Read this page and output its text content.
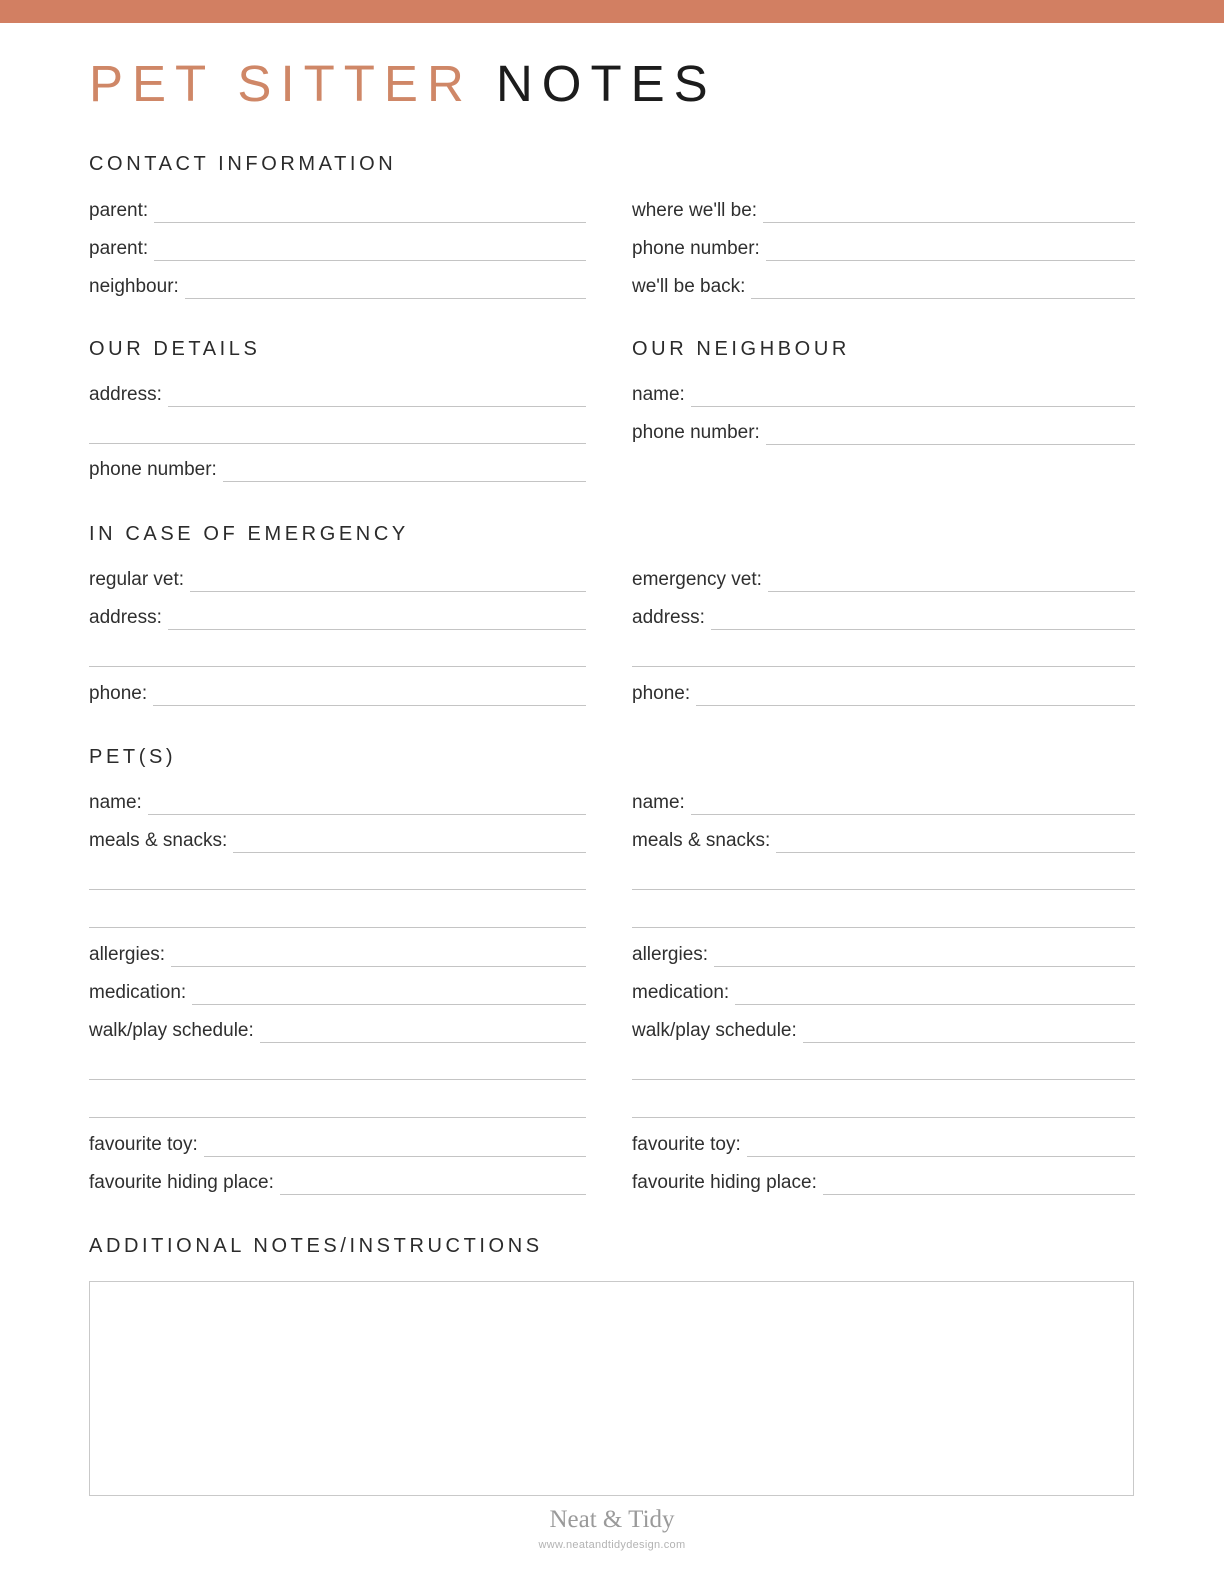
PET SITTER NOTES
CONTACT INFORMATION
parent:
parent:
neighbour:
where we'll be:
phone number:
we'll be back:
OUR DETAILS	OUR NEIGHBOUR
address:
phone number:
name:
phone number:
IN CASE OF EMERGENCY
regular vet:
address:
phone:
emergency vet:
address:
phone:
PET(S)
name:
meals & snacks:
allergies:
medication:
walk/play schedule:
favourite toy:
favourite hiding place:
name:
meals & snacks:
allergies:
medication:
walk/play schedule:
favourite toy:
favourite hiding place:
ADDITIONAL NOTES/INSTRUCTIONS
Neat & Tidy
www.neatandtidydesign.com
